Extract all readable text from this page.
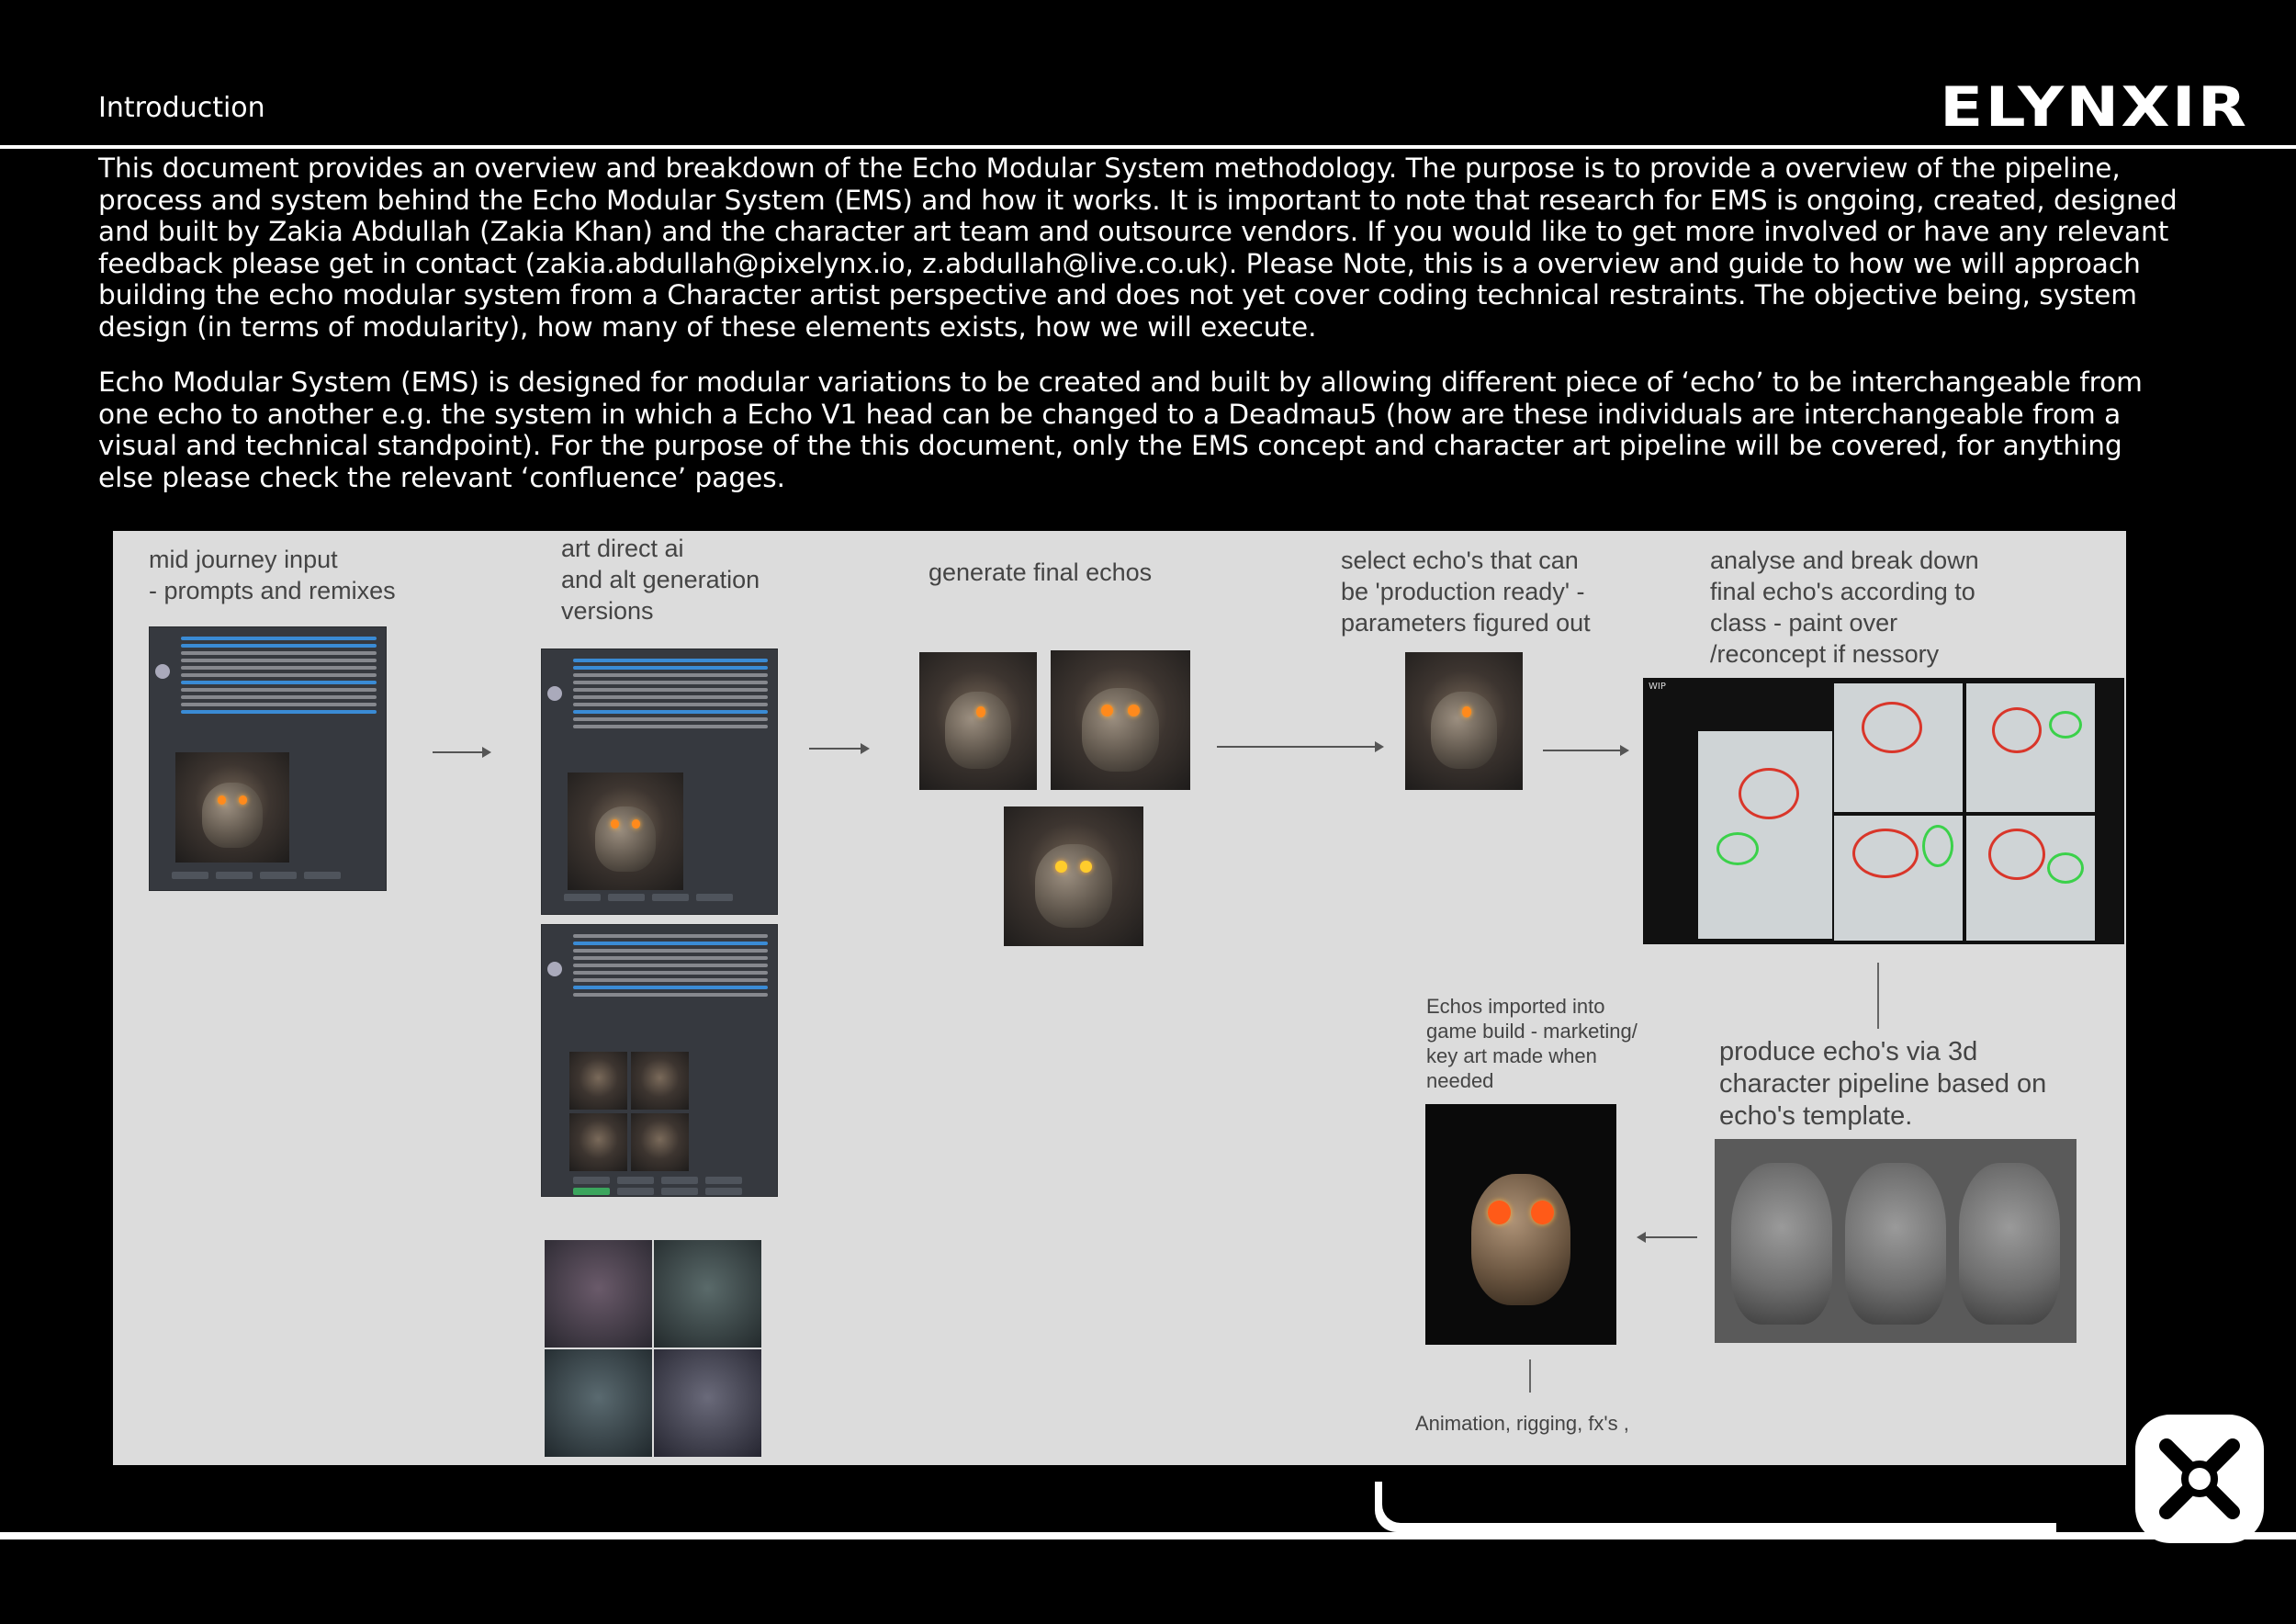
Introduction	ELYNXIR
This document provides an overview and breakdown of the Echo Modular System methodology. The purpose is to provide a overview of the pipeline, process and system behind the Echo Modular System (EMS) and how it works. It is important to note that research for EMS is ongoing, created, designed and built by Zakia Abdullah (Zakia Khan) and the character art team and outsource vendors. If you would like to get more involved or have any relevant feedback please get in contact (zakia.abdullah@pixelynx.io, z.abdullah@live.co.uk). Please Note, this is a overview and guide to how we will approach building the echo modular system from a Character artist perspective and does not yet cover coding technical restraints. The objective being, system design (in terms of modularity), how many of these elements exists, how we will execute.
Echo Modular System (EMS) is designed for modular variations to be created and built by allowing different piece of ‘echo’ to be interchangeable from one echo to another e.g. the system in which a Echo V1 head can be changed to a Deadmau5 (how are these individuals are interchangeable from a visual and technical standpoint). For the purpose of the this document, only the EMS concept and character art pipeline will be covered, for anything else please check the relevant ‘confluence’ pages.
mid journey input
- prompts and remixes
art direct ai
and alt generation
versions
generate final echos	select echo's that can
be 'production ready' -
parameters figured out
analyse and break down
final echo's according to
class - paint over
/reconcept if nessory
WIP
produce echo's via 3d
character pipeline based on
echo's template.
Echos imported into
game build - marketing/
key art made when
needed
Animation, rigging, fx's ,
